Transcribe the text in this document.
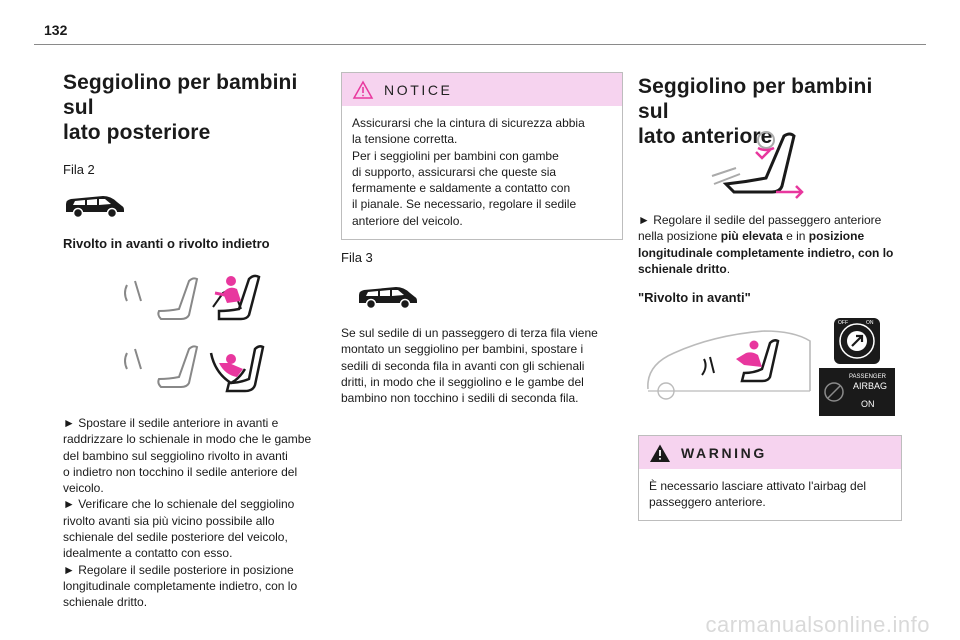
132
Seggiolino per bambini sul
lato posteriore
Fila 2
Rivolto in avanti o rivolto indietro

► Spostare il sedile anteriore in avanti e

raddrizzare lo schienale in modo che le gambe

del bambino sul seggiolino rivolto in avanti

o indietro non tocchino il sedile anteriore del

veicolo.

► Verificare che lo schienale del seggiolino

rivolto avanti sia più vicino possibile allo

schienale del sedile posteriore del veicolo,

idealmente a contatto con esso.

► Regolare il sedile posteriore in posizione

longitudinale completamente indietro, con lo

schienale dritto.

NOTICE
Assicurarsi che la cintura di sicurezza abbia
la tensione corretta.
Per i seggiolini per bambini con gambe
di supporto, assicurarsi che queste sia
fermamente e saldamente a contatto con
il pianale. Se necessario, regolare il sedile
anteriore del veicolo.
Fila 3

Se sul sedile di un passeggero di terza fila viene

montato un seggiolino per bambini, spostare i

sedili di seconda fila in avanti con gli schienali

dritti, in modo che il seggiolino e le gambe del

bambino non tocchino i sedili di seconda fila.

Seggiolino per bambini sul
lato anteriore
► Regolare il sedile del passeggero anteriore
nella posizione più elevata e in posizione
longitudinale completamente indietro, con lo
schienale dritto.
"Rivolto in avanti"
OFF	ON
PASSENGER
AIRBAG
ON
WARNING
È necessario lasciare attivato l'airbag del
passeggero anteriore.
carmanualsonline.info
